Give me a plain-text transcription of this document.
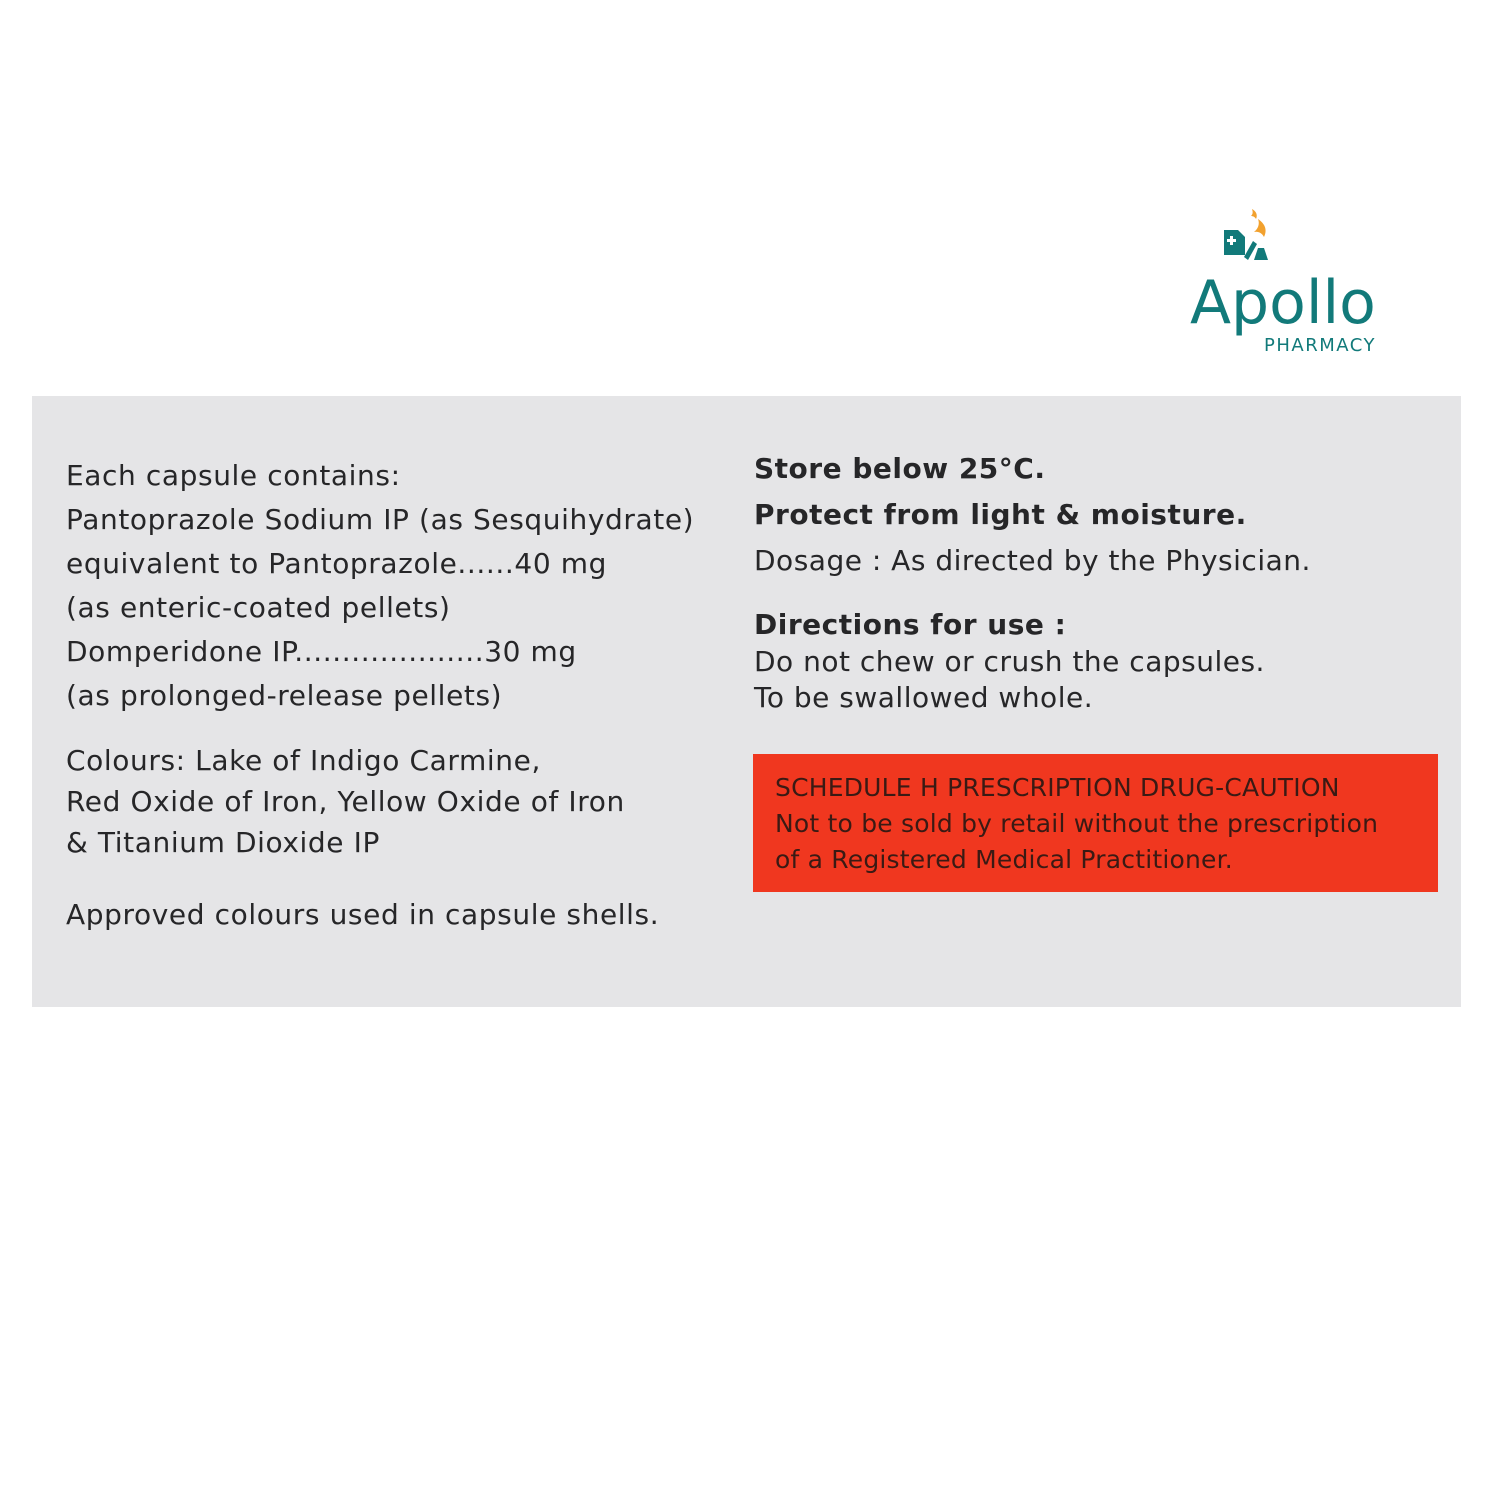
Apollo
PHARMACY

Each capsule contains:

Pantoprazole Sodium IP (as Sesquihydrate)

equivalent to Pantoprazole......40 mg

(as enteric-coated pellets)

Domperidone IP....................30 mg

(as prolonged-release pellets)

Colours: Lake of Indigo Carmine,

Red Oxide of Iron, Yellow Oxide of Iron

& Titanium Dioxide IP

Approved colours used in capsule shells.

Store below 25°C.

Protect from light & moisture.

Dosage : As directed by the Physician.

Directions for use :

Do not chew or crush the capsules.

To be swallowed whole.

SCHEDULE H PRESCRIPTION DRUG-CAUTION

Not to be sold by retail without the prescription

of a Registered Medical Practitioner.
